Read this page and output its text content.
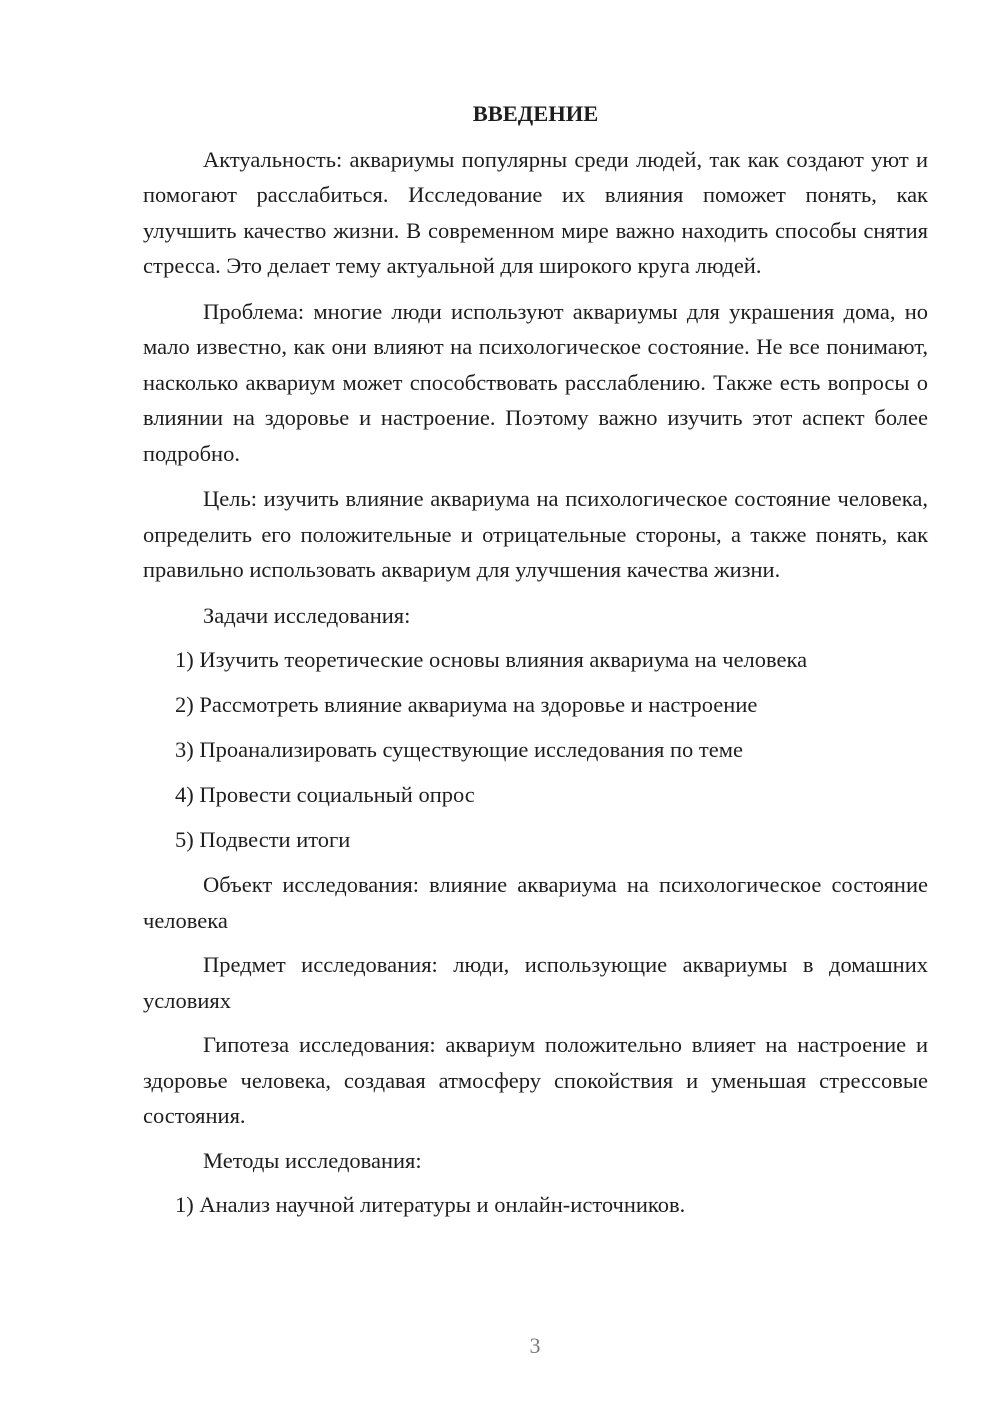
ВВЕДЕНИЕ

Актуальность: аквариумы популярны среди людей, так как создают уют и помогают расслабиться. Исследование их влияния поможет понять, как улучшить качество жизни. В современном мире важно находить способы снятия стресса. Это делает тему актуальной для широкого круга людей.

Проблема: многие люди используют аквариумы для украшения дома, но мало известно, как они влияют на психологическое состояние. Не все понимают, насколько аквариум может способствовать расслаблению. Также есть вопросы о влиянии на здоровье и настроение. Поэтому важно изучить этот аспект более подробно.

Цель: изучить влияние аквариума на психологическое состояние человека, определить его положительные и отрицательные стороны, а также понять, как правильно использовать аквариум для улучшения качества жизни.

Задачи исследования:

1) Изучить теоретические основы влияния аквариума на человека

2) Рассмотреть влияние аквариума на здоровье и настроение

3) Проанализировать существующие исследования по теме

4) Провести социальный опрос

5) Подвести итоги

Объект исследования: влияние аквариума на психологическое состояние человека

Предмет исследования: люди, использующие аквариумы в домашних условиях

Гипотеза исследования: аквариум положительно влияет на настроение и здоровье человека, создавая атмосферу спокойствия и уменьшая стрессовые состояния.

Методы исследования:

1) Анализ научной литературы и онлайн-источников.

3
